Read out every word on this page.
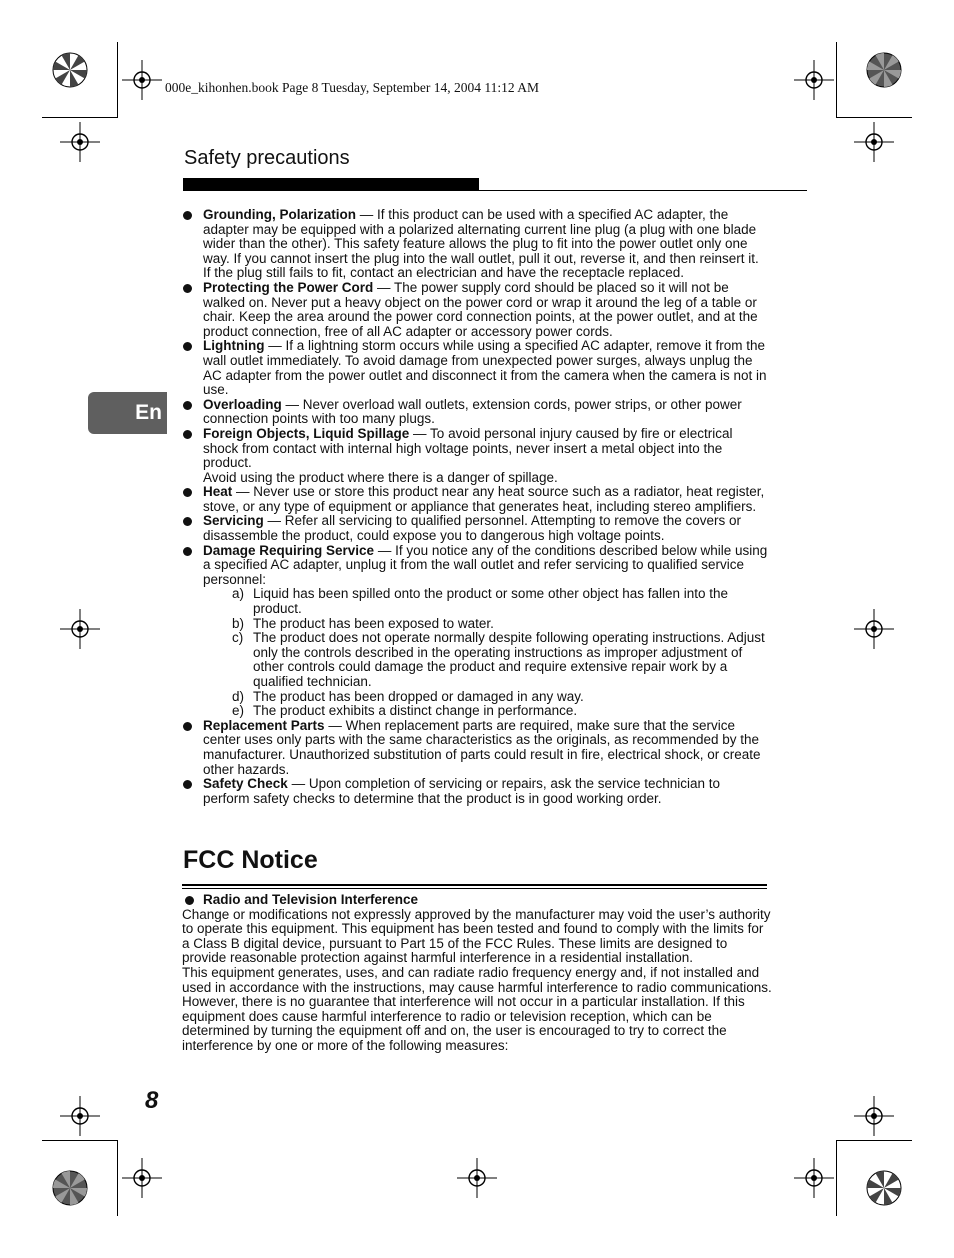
000e_kihonhen.book Page 8 Tuesday, September 14, 2004 11:12 AM
Safety precautions
En

Grounding, Polarization — If this product can be used with a specified AC adapter, the adapter may be equipped with a polarized alternating current line plug (a plug with one blade wider than the other). This safety feature allows the plug to fit into the power outlet only one way. If you cannot insert the plug into the wall outlet, pull it out, reverse it, and then reinsert it. If the plug still fails to fit, contact an electrician and have the receptacle replaced.

Protecting the Power Cord — The power supply cord should be placed so it will not be walked on. Never put a heavy object on the power cord or wrap it around the leg of a table or chair. Keep the area around the power cord connection points, at the power outlet, and at the product connection, free of all AC adapter or accessory power cords.

Lightning — If a lightning storm occurs while using a specified AC adapter, remove it from the wall outlet immediately. To avoid damage from unexpected power surges, always unplug the AC adapter from the power outlet and disconnect it from the camera when the camera is not in use.

Overloading — Never overload wall outlets, extension cords, power strips, or other power connection points with too many plugs.

Foreign Objects, Liquid Spillage — To avoid personal injury caused by fire or electrical shock from contact with internal high voltage points, never insert a metal object into the product.

Avoid using the product where there is a danger of spillage.

Heat — Never use or store this product near any heat source such as a radiator, heat register, stove, or any type of equipment or appliance that generates heat, including stereo amplifiers.

Servicing — Refer all servicing to qualified personnel. Attempting to remove the covers or disassemble the product, could expose you to dangerous high voltage points.

Damage Requiring Service — If you notice any of the conditions described below while using a specified AC adapter, unplug it from the wall outlet and refer servicing to qualified service personnel:

a) Liquid has been spilled onto the product or some other object has fallen into the product.
b) The product has been exposed to water.
c) The product does not operate normally despite following operating instructions. Adjust only the controls described in the operating instructions as improper adjustment of other controls could damage the product and require extensive repair work by a qualified technician.
d) The product has been dropped or damaged in any way.
e) The product exhibits a distinct change in performance.

Replacement Parts — When replacement parts are required, make sure that the service center uses only parts with the same characteristics as the originals, as recommended by the manufacturer. Unauthorized substitution of parts could result in fire, electrical shock, or create other hazards.

Safety Check — Upon completion of servicing or repairs, ask the service technician to perform safety checks to determine that the product is in good working order.

FCC Notice
Radio and Television Interference

Change or modifications not expressly approved by the manufacturer may void the user’s authority to operate this equipment. This equipment has been tested and found to comply with the limits for a Class B digital device, pursuant to Part 15 of the FCC Rules. These limits are designed to provide reasonable protection against harmful interference in a residential installation.

This equipment generates, uses, and can radiate radio frequency energy and, if not installed and used in accordance with the instructions, may cause harmful interference to radio communications.

However, there is no guarantee that interference will not occur in a particular installation. If this equipment does cause harmful interference to radio or television reception, which can be determined by turning the equipment off and on, the user is encouraged to try to correct the interference by one or more of the following measures:

8
